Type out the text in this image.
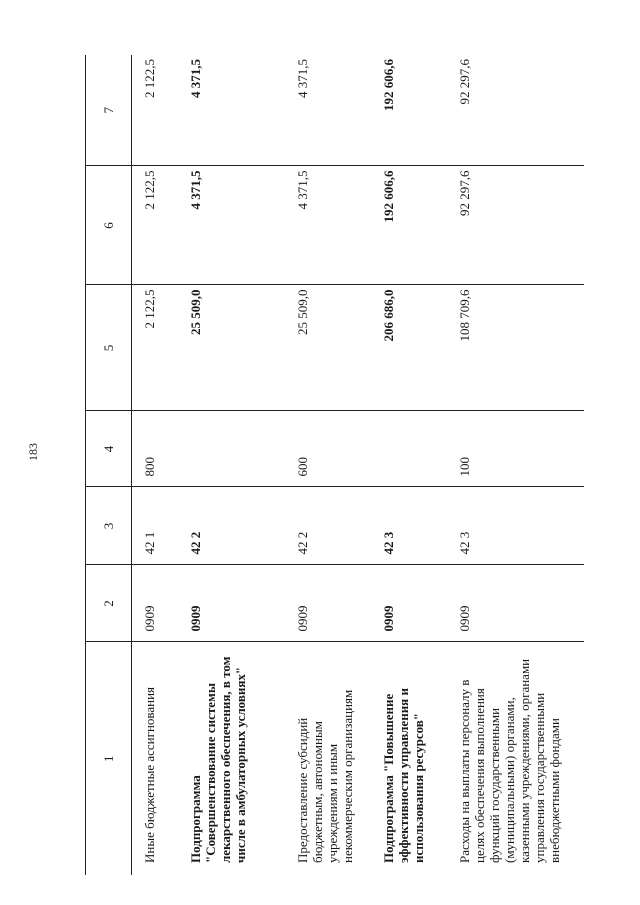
183
1	2	3	4	5	6	7
Иные бюджетные ассигнования	0909	42 1	800	2 122,5	2 122,5	2 122,5
Подпрограмма "Совершенствование системы лекарственного обеспечения, в том числе в амбулаторных условиях"	0909	42 2		25 509,0	4 371,5	4 371,5
Предоставление субсидий бюджетным, автономным учреждениям и иным некоммерческим организациям	0909	42 2	600	25 509,0	4 371,5	4 371,5
Подпрограмма "Повышение эффективности управления и использования ресурсов"	0909	42 3		206 686,0	192 606,6	192 606,6
Расходы на выплаты персоналу в целях обеспечения выполнения функций государственными (муниципальными) органами, казенными учреждениями, органами управления государственными внебюджетными фондами	0909	42 3	100	108 709,6	92 297,6	92 297,6
